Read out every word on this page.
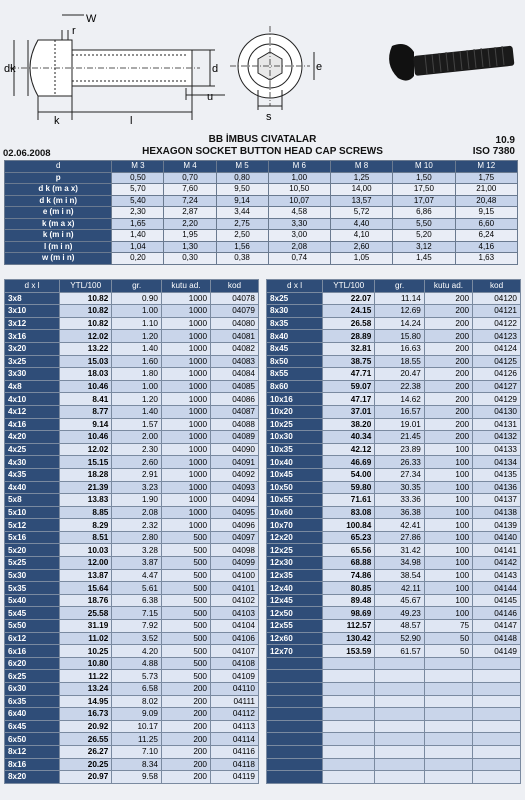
W
r
dk
k	l
d
u
e
s
BB İMBUS CIVATALAR
HEXAGON SOCKET BUTTON HEAD CAP SCREWS
02.06.2008
10.9
ISO 7380
d	M 3	M 4	M 5	M 6	M 8	M 10	M 12
p	0,50	0,70	0,80	1,00	1,25	1,50	1,75
d k (m a x)	5,70	7,60	9,50	10,50	14,00	17,50	21,00
d k (m i n)	5,40	7,24	9,14	10,07	13,57	17,07	20,48
e (m i n)	2,30	2,87	3,44	4,58	5,72	6,86	9,15
k (m a x)	1,65	2,20	2,75	3,30	4,40	5,50	6,60
k (m i n)	1,40	1,95	2,50	3,00	4,10	5,20	6,24
l (m i n)	1,04	1,30	1,56	2,08	2,60	3,12	4,16
w (m i n)	0,20	0,30	0,38	0,74	1,05	1,45	1,63
d x l	YTL/100	gr.	kutu ad.	kod
3x8	10.82	0.90	1000	04078
3x10	10.82	1.00	1000	04079
3x12	10.82	1.10	1000	04080
3x16	12.02	1.20	1000	04081
3x20	13.22	1.40	1000	04082
3x25	15.03	1.60	1000	04083
3x30	18.03	1.80	1000	04084
4x8	10.46	1.00	1000	04085
4x10	8.41	1.20	1000	04086
4x12	8.77	1.40	1000	04087
4x16	9.14	1.57	1000	04088
4x20	10.46	2.00	1000	04089
4x25	12.02	2.30	1000	04090
4x30	15.15	2.60	1000	04091
4x35	18.28	2.91	1000	04092
4x40	21.39	3.23	1000	04093
5x8	13.83	1.90	1000	04094
5x10	8.85	2.08	1000	04095
5x12	8.29	2.32	1000	04096
5x16	8.51	2.80	500	04097
5x20	10.03	3.28	500	04098
5x25	12.00	3.87	500	04099
5x30	13.87	4.47	500	04100
5x35	15.64	5.61	500	04101
5x40	18.76	6.38	500	04102
5x45	25.58	7.15	500	04103
5x50	31.19	7.92	500	04104
6x12	11.02	3.52	500	04106
6x16	10.25	4.20	500	04107
6x20	10.80	4.88	500	04108
6x25	11.22	5.73	500	04109
6x30	13.24	6.58	200	04110
6x35	14.95	8.02	200	04111
6x40	16.73	9.09	200	04112
6x45	20.92	10.17	200	04113
6x50	26.55	11.25	200	04114
8x12	26.27	7.10	200	04116
8x16	20.25	8.34	200	04118
8x20	20.97	9.58	200	04119
d x l	YTL/100	gr.	kutu ad.	kod
8x25	22.07	11.14	200	04120
8x30	24.15	12.69	200	04121
8x35	26.58	14.24	200	04122
8x40	28.89	15.80	200	04123
8x45	32.81	16.63	200	04124
8x50	38.75	18.55	200	04125
8x55	47.71	20.47	200	04126
8x60	59.07	22.38	200	04127
10x16	47.17	14.62	200	04129
10x20	37.01	16.57	200	04130
10x25	38.20	19.01	200	04131
10x30	40.34	21.45	200	04132
10x35	42.12	23.89	100	04133
10x40	46.69	26.33	100	04134
10x45	54.00	27.34	100	04135
10x50	59.80	30.35	100	04136
10x55	71.61	33.36	100	04137
10x60	83.08	36.38	100	04138
10x70	100.84	42.41	100	04139
12x20	65.23	27.86	100	04140
12x25	65.56	31.42	100	04141
12x30	68.88	34.98	100	04142
12x35	74.86	38.54	100	04143
12x40	80.85	42.11	100	04144
12x45	89.48	45.67	100	04145
12x50	98.69	49.23	100	04146
12x55	112.57	48.57	75	04147
12x60	130.42	52.90	50	04148
12x70	153.59	61.57	50	04149
